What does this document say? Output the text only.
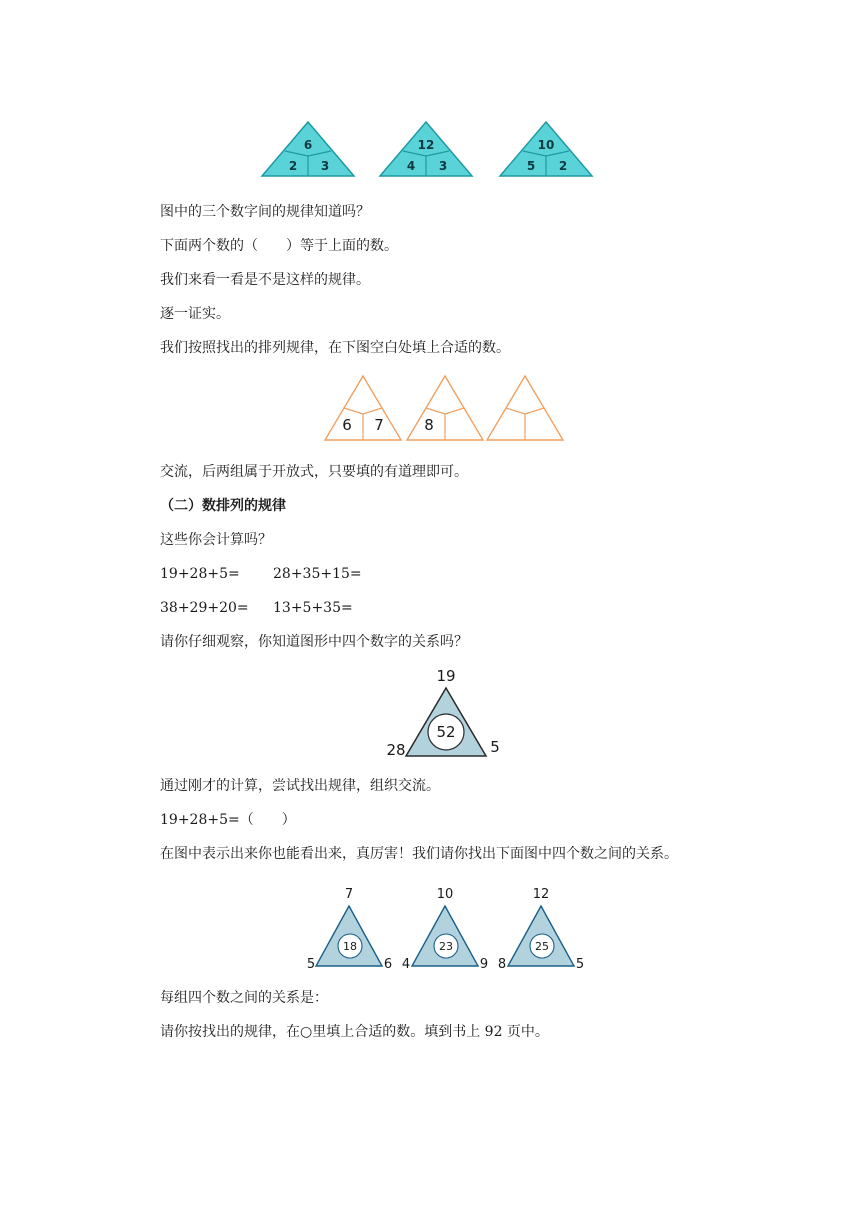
6
2 3
12
4 3
10
5 2
图中的三个数字间的规律知道吗？
下面两个数的（　　）等于上面的数。
我们来看一看是不是这样的规律。
逐一证实。
我们按照找出的排列规律，在下图空白处填上合适的数。
6 7	8
交流，后两组属于开放式，只要填的有道理即可。
（二）数排列的规律
这些你会计算吗？
19+28+5= 28+35+15=
38+29+20= 13+5+35=
请你仔细观察，你知道图形中四个数字的关系吗？
19
52
28	5
通过刚才的计算，尝试找出规律，组织交流。
19+28+5=（　　）
在图中表示出来你也能看出来，真厉害！我们请你找出下面图中四个数之间的关系。
7
18
5	6
10
23
4	9
12
25
8	5
每组四个数之间的关系是：
请你按找出的规律，在○里填上合适的数。填到书上 92 页中。
